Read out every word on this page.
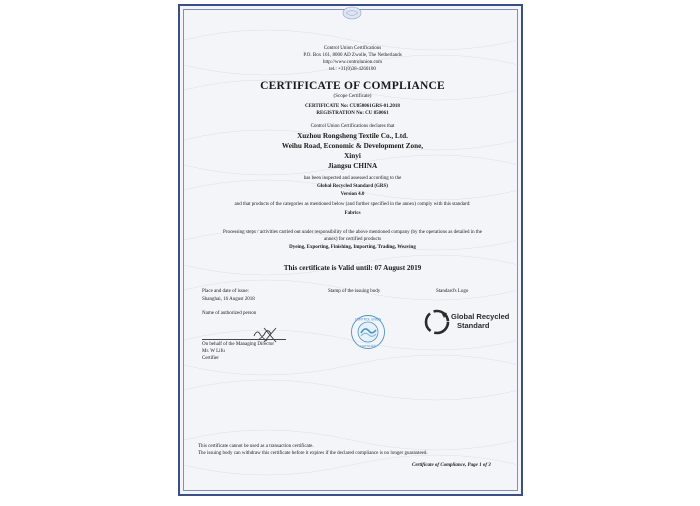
Control Union Certifications
P.O. Box 161, 8000 AD Zwolle, The Netherlands
http://www.controlunion.com
tel.: +31(0)38-4260100
CERTIFICATE OF COMPLIANCE
(Scope Certificate)
CERTIFICATE No: CU850061GRS-01.2018
REGISTRATION No: CU 850061
Control Union Certifications declares that
Xuzhou Rongsheng Textile Co., Ltd.
Weihu Road, Economic & Development Zone,
Xinyi
Jiangsu CHINA
has been inspected and assessed according to the
Global Recycled Standard (GRS)
Version 4.0
and that products of the categories as mentioned below (and further specified in the annex) comply with this standard:
Fabrics
Processing steps / activities carried out under responsibility of the above mentioned company (by the operations as detailed in the
annex) for certified products
Dyeing, Exporting, Finishing, Importing, Trading, Weaving
This certificate is Valid until: 07 August 2019
Place and date of issue:
Shanghai, 16 August 2018
Stamp of the issuing body	Standard's Logo
Name of authorized person
On behalf of the Managing Director
Mr. W Lifu
Certifier
CONTROL UNION
CERTIFIED
Global Recycled
Standard
This certificate cannot be used as a transaction certificate.
The issuing body can withdraw this certificate before it expires if the declared compliance is no longer guaranteed.
Certificate of Compliance, Page 1 of 3
